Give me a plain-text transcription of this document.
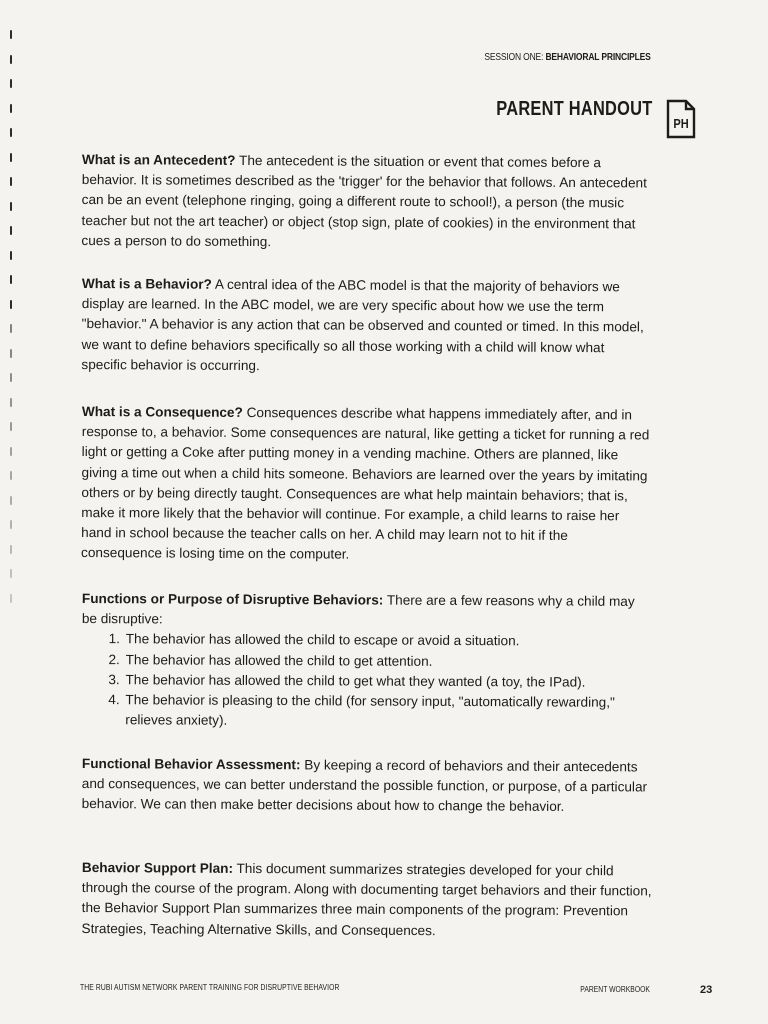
SESSION ONE: BEHAVIORAL PRINCIPLES
PARENT HANDOUT
PH

What is an Antecedent? The antecedent is the situation or event that comes before a behavior. It is sometimes described as the 'trigger' for the behavior that follows. An antecedent can be an event (telephone ringing, going a different route to school!), a person (the music teacher but not the art teacher) or object (stop sign, plate of cookies) in the environment that cues a person to do something.

What is a Behavior? A central idea of the ABC model is that the majority of behaviors we display are learned. In the ABC model, we are very specific about how we use the term "behavior." A behavior is any action that can be observed and counted or timed. In this model, we want to define behaviors specifically so all those working with a child will know what specific behavior is occurring.

What is a Consequence? Consequences describe what happens immediately after, and in response to, a behavior. Some consequences are natural, like getting a ticket for running a red light or getting a Coke after putting money in a vending machine. Others are planned, like giving a time out when a child hits someone. Behaviors are learned over the years by imitating others or by being directly taught. Consequences are what help maintain behaviors; that is, make it more likely that the behavior will continue. For example, a child learns to raise her hand in school because the teacher calls on her. A child may learn not to hit if the consequence is losing time on the computer.

Functions or Purpose of Disruptive Behaviors: There are a few reasons why a child may be disruptive:

1. The behavior has allowed the child to escape or avoid a situation.
2. The behavior has allowed the child to get attention.
3. The behavior has allowed the child to get what they wanted (a toy, the IPad).
4. The behavior is pleasing to the child (for sensory input, "automatically rewarding," relieves anxiety).

Functional Behavior Assessment: By keeping a record of behaviors and their antecedents and consequences, we can better understand the possible function, or purpose, of a particular behavior. We can then make better decisions about how to change the behavior.

Behavior Support Plan: This document summarizes strategies developed for your child through the course of the program. Along with documenting target behaviors and their function, the Behavior Support Plan summarizes three main components of the program: Prevention Strategies, Teaching Alternative Skills, and Consequences.

THE RUBI AUTISM NETWORK PARENT TRAINING FOR DISRUPTIVE BEHAVIOR	PARENT WORKBOOK	23
